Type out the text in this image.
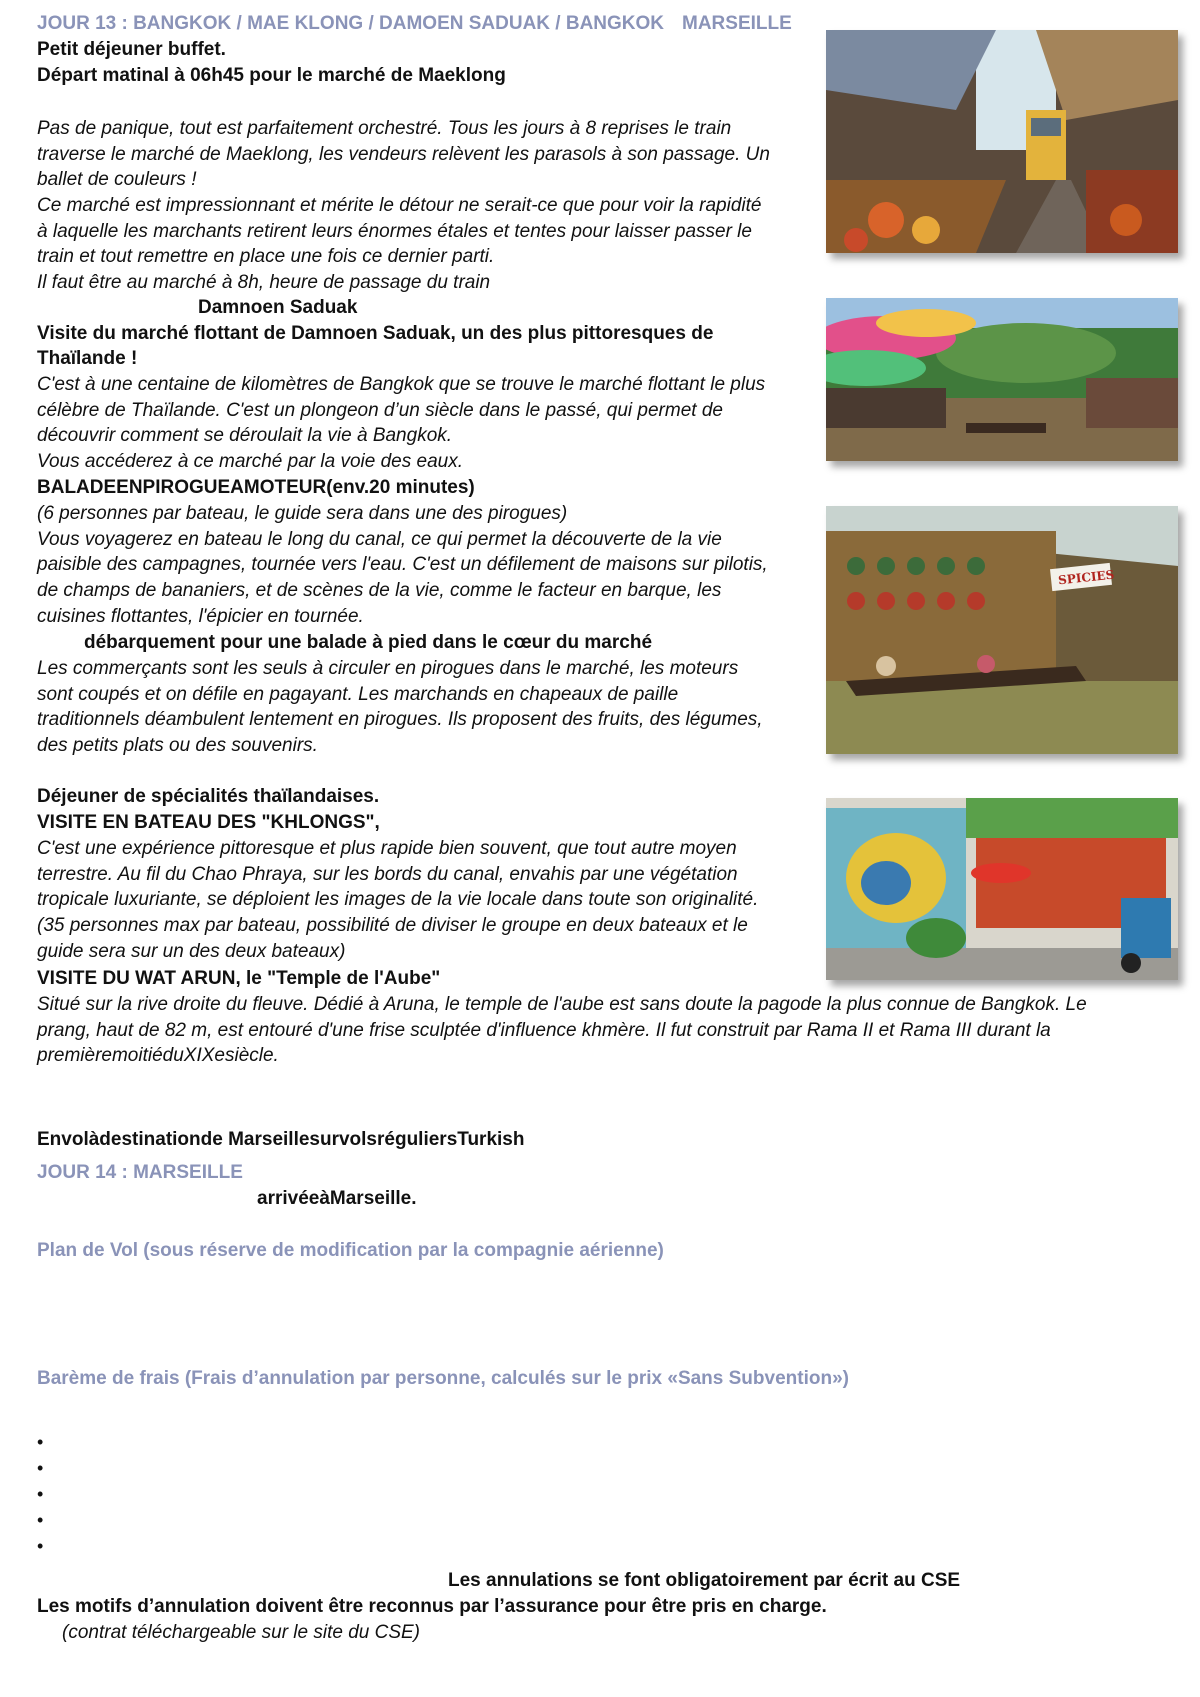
JOUR 13 : BANGKOK / MAE KLONG / DAMOEN SADUAK / BANGKOK MARSEILLE
Petit déjeuner buffet.
Départ matinal à 06h45 pour le marché de Maeklong
Pas de panique, tout est parfaitement orchestré. Tous les jours à 8 reprises le train
traverse le marché de Maeklong, les vendeurs relèvent les parasols à son passage. Un
ballet de couleurs !
Ce marché est impressionnant et mérite le détour ne serait-ce que pour voir la rapidité
à laquelle les marchants retirent leurs énormes étales et tentes pour laisser passer le
train et tout remettre en place une fois ce dernier parti.
Il faut être au marché à 8h, heure de passage du train
Damnoen Saduak
Visite du marché flottant de Damnoen Saduak, un des plus pittoresques de
Thaïlande !
C'est à une centaine de kilomètres de Bangkok que se trouve le marché flottant le plus
célèbre de Thaïlande. C'est un plongeon d’un siècle dans le passé, qui permet de
découvrir comment se déroulait la vie à Bangkok.
Vous accéderez à ce marché par la voie des eaux.
BALADEENPIROGUEAMOTEUR(env.20 minutes)
(6 personnes par bateau, le guide sera dans une des pirogues)
Vous voyagerez en bateau le long du canal, ce qui permet la découverte de la vie
paisible des campagnes, tournée vers l'eau. C'est un défilement de maisons sur pilotis,
de champs de bananiers, et de scènes de la vie, comme le facteur en barque, les
cuisines flottantes, l'épicier en tournée.
débarquement pour une balade à pied dans le cœur du marché
Les commerçants sont les seuls à circuler en pirogues dans le marché, les moteurs
sont coupés et on défile en pagayant. Les marchands en chapeaux de paille
traditionnels déambulent lentement en pirogues. Ils proposent des fruits, des légumes,
des petits plats ou des souvenirs.
Déjeuner de spécialités thaïlandaises.
VISITE EN BATEAU DES "KHLONGS",
C'est une expérience pittoresque et plus rapide bien souvent, que tout autre moyen
terrestre. Au fil du Chao Phraya, sur les bords du canal, envahis par une végétation
tropicale luxuriante, se déploient les images de la vie locale dans toute son originalité.
(35 personnes max par bateau, possibilité de diviser le groupe en deux bateaux et le
guide sera sur un des deux bateaux)
VISITE DU WAT ARUN, le "Temple de l'Aube"
Situé sur la rive droite du fleuve. Dédié à Aruna, le temple de l'aube est sans doute la pagode la plus connue de Bangkok. Le
prang, haut de 82 m, est entouré d'une frise sculptée d'influence khmère. Il fut construit par Rama II et Rama III durant la
premièremoitiéduXIXesiècle.
Envolàdestinationde MarseillesurvolsréguliersTurkish
JOUR 14 : MARSEILLE
arrivéeàMarseille.
Plan de Vol (sous réserve de modification par la compagnie aérienne)
Barème de frais (Frais d’annulation par personne, calculés sur le prix «Sans Subvention»)
•
•
•
•
•
Les annulations se font obligatoirement par écrit au CSE
Les motifs d’annulation doivent être reconnus par l’assurance pour être pris en charge.
(contrat téléchargeable sur le site du CSE)
SPICIES
